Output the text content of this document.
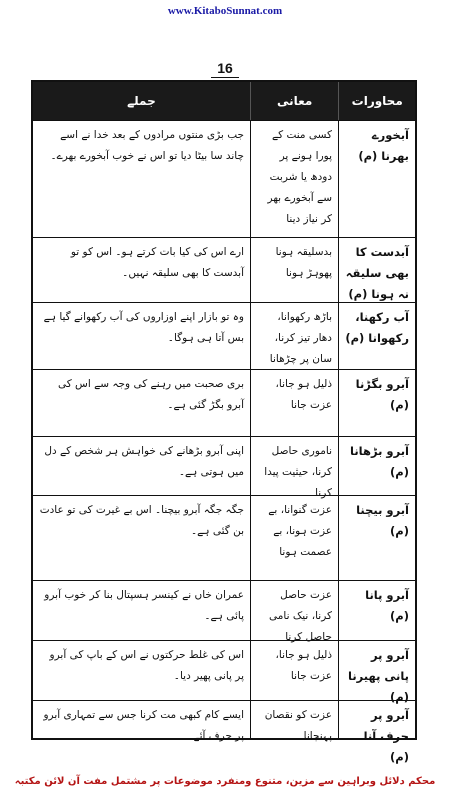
www.KitaboSunnat.com
16
جملے	معانی	محاورات
جب بڑی منتوں مرادوں کے بعد خدا نے اسے چاند سا بیٹا دیا تو اس نے خوب آبخورے بھرے۔
کسی منت کے پورا ہونے پر دودھ یا شربت سے آبخورے بھر کر نیاز دینا
آبخورے بھرنا (م)
ارے اس کی کیا بات کرتے ہو۔ اس کو تو آبدست کا بھی سلیقہ نہیں۔
بدسلیقہ ہونا پھوہڑ ہونا
آبدست کا بھی سلیقہ نہ ہونا (م)
وہ تو بازار اپنے اوزاروں کی آب رکھوانے گیا ہے بس آتا ہی ہوگا۔
باڑھ رکھوانا، دھار تیز کرنا، سان پر چڑھانا
آب رکھنا، رکھوانا (م)
بری صحبت میں رہنے کی وجہ سے اس کی آبرو بگڑ گئی ہے۔
ذلیل ہو جانا، عزت جانا
آبرو بگڑنا (م)
اپنی آبرو بڑھانے کی خواہش ہر شخص کے دل میں ہوتی ہے۔
ناموری حاصل کرنا، حیثیت پیدا کرنا
آبرو بڑھانا (م)
جگہ جگہ آبرو بیچنا۔ اس بے غیرت کی تو عادت بن گئی ہے۔
عزت گنوانا، بے عزت ہونا، بے عصمت ہونا
آبرو بیچنا (م)
عمران خاں نے کینسر ہسپتال بنا کر خوب آبرو پائی ہے۔
عزت حاصل کرنا، نیک نامی حاصل کرنا
آبرو پانا (م)
اس کی غلط حرکتوں نے اس کے باپ کی آبرو پر پانی پھیر دیا۔
ذلیل ہو جانا، عزت جانا
آبرو پر پانی پھیرنا (م)
ایسے کام کبھی مت کرنا جس سے تمہاری آبرو پر حرف آئے۔
عزت کو نقصان پہنچانا
آبرو پر حرف آنا (م)
محکم دلائل وبراہین سے مزین، متنوع ومنفرد موضوعات پر مشتمل مفت آن لائن مکتبہ
